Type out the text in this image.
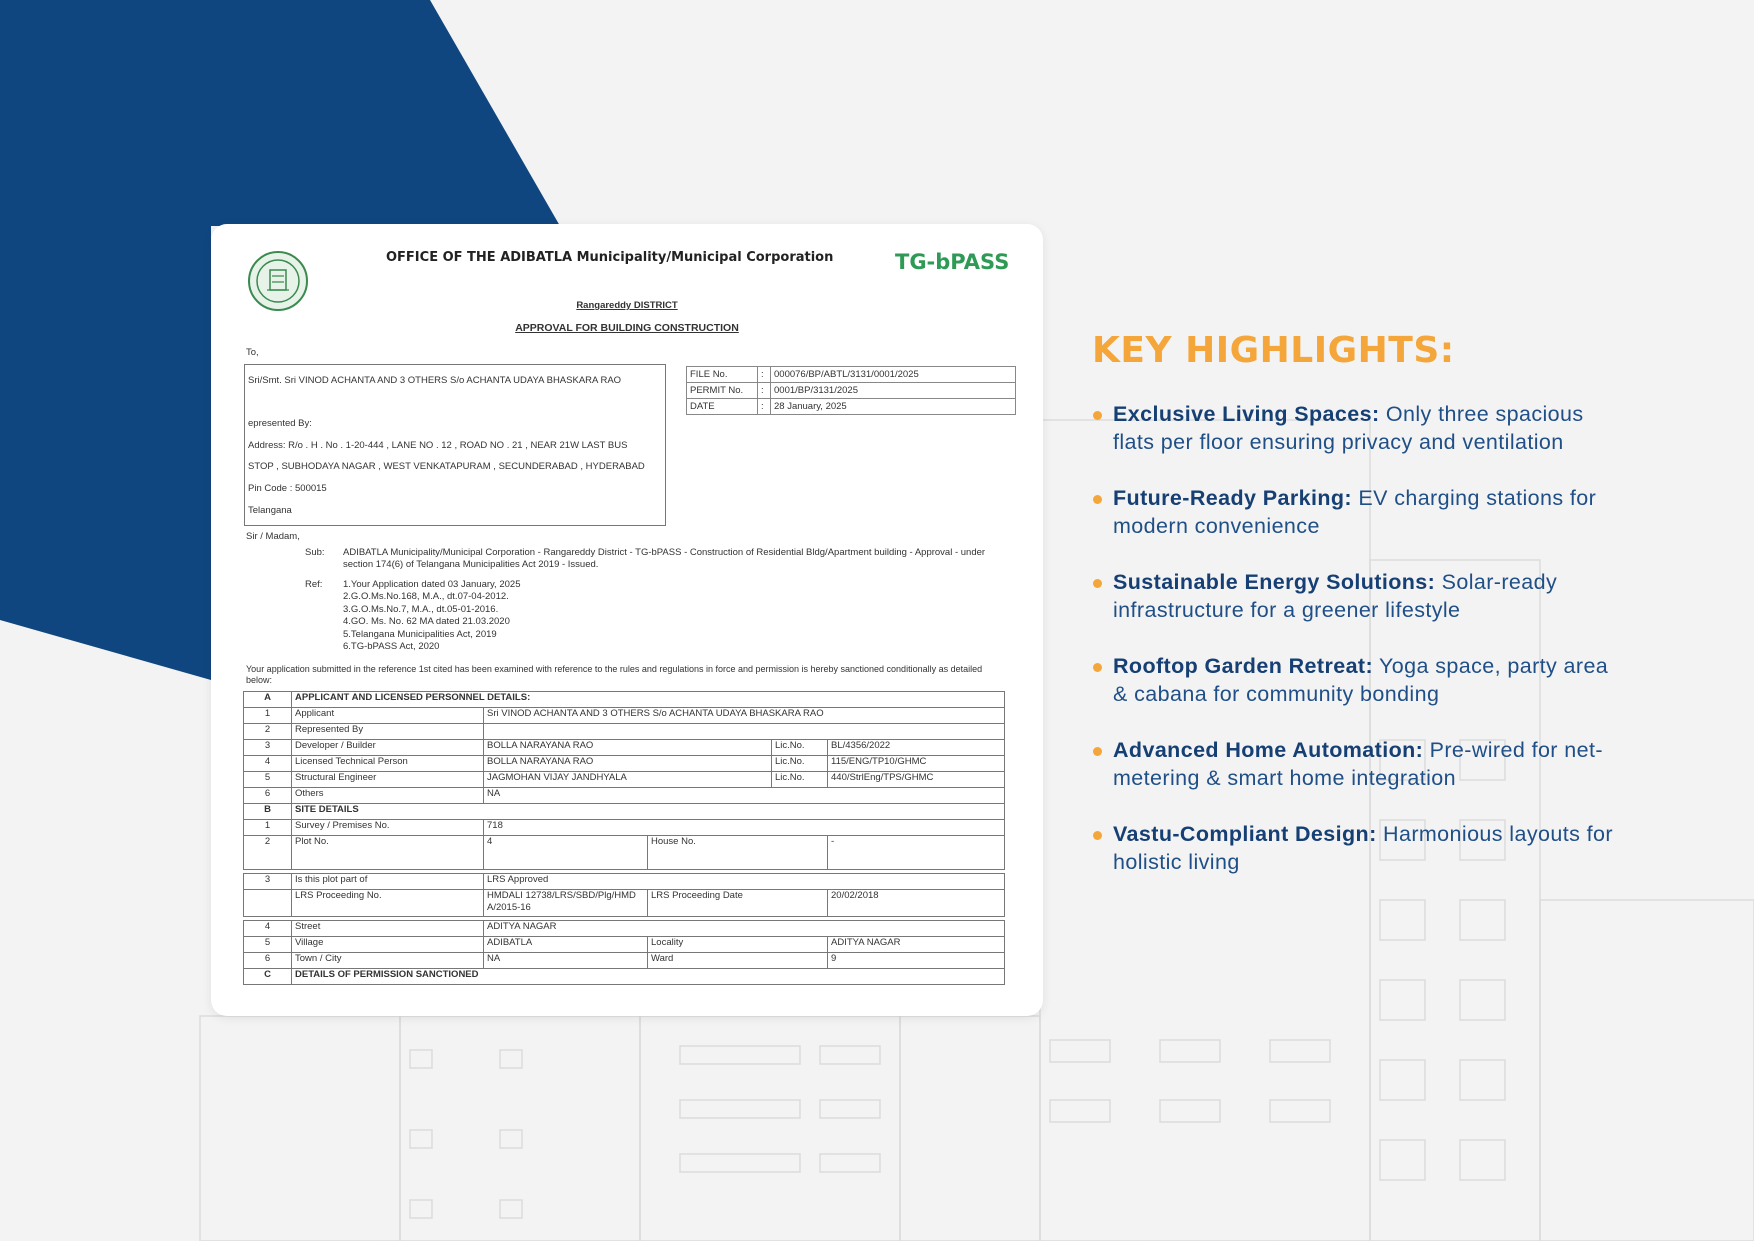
OFFICE OF THE ADIBATLA Municipality/Municipal Corporation	TG-bPASS
Rangareddy DISTRICT
APPROVAL FOR BUILDING CONSTRUCTION
To,
Sri/Smt. Sri VINOD ACHANTA AND 3 OTHERS S/o ACHANTA UDAYA BHASKARA RAO
epresented By:
Address: R/o . H . No . 1-20-444 , LANE NO . 12 , ROAD NO . 21 , NEAR 21W LAST BUS
STOP , SUBHODAYA NAGAR , WEST VENKATAPURAM , SECUNDERABAD , HYDERABAD
Pin Code : 500015
Telangana
FILE No.	:	000076/BP/ABTL/3131/0001/2025
PERMIT No.	:	0001/BP/3131/2025
DATE	:	28 January, 2025
Sir / Madam,
Sub: ADIBATLA Municipality/Municipal Corporation - Rangareddy District - TG-bPASS - Construction of Residential Bldg/Apartment building - Approval - under section 174(6) of Telangana Municipalities Act 2019 - Issued.
Ref: 1.Your Application dated 03 January, 2025
2.G.O.Ms.No.168, M.A., dt.07-04-2012.
3.G.O.Ms.No.7, M.A., dt.05-01-2016.
4.GO. Ms. No. 62 MA dated 21.03.2020
5.Telangana Municipalities Act, 2019
6.TG-bPASS Act, 2020
Your application submitted in the reference 1st cited has been examined with reference to the rules and regulations in force and permission is hereby sanctioned conditionally as detailed below:
A	APPLICANT AND LICENSED PERSONNEL DETAILS:				
1	Applicant	Sri VINOD ACHANTA AND 3 OTHERS S/o ACHANTA UDAYA BHASKARA RAO			
2	Represented By				
3	Developer / Builder	BOLLA NARAYANA RAO		Lic.No.	BL/4356/2022
4	Licensed Technical Person	BOLLA NARAYANA RAO		Lic.No.	115/ENG/TP10/GHMC
5	Structural Engineer	JAGMOHAN VIJAY JANDHYALA		Lic.No.	440/StrlEng/TPS/GHMC
6	Others	NA			
B	SITE DETAILS				
1	Survey / Premises No.	718			
2	Plot No.	4	House No.		-

3	Is this plot part of	LRS Approved			
	LRS Proceeding No.	HMDALI 12738/LRS/SBD/Plg/HMD A/2015-16	LRS Proceeding Date		20/02/2018

4	Street	ADITYA NAGAR			
5	Village	ADIBATLA	Locality		ADITYA NAGAR
6	Town / City	NA	Ward		9
C	DETAILS OF PERMISSION SANCTIONED				
KEY HIGHLIGHTS:
Exclusive Living Spaces: Only three spacious flats per floor ensuring privacy and ventilation
Future-Ready Parking: EV charging stations for modern convenience
Sustainable Energy Solutions: Solar-ready infrastructure for a greener lifestyle
Rooftop Garden Retreat: Yoga space, party area & cabana for community bonding
Advanced Home Automation: Pre-wired for net-metering & smart home integration
Vastu-Compliant Design: Harmonious layouts for holistic living
